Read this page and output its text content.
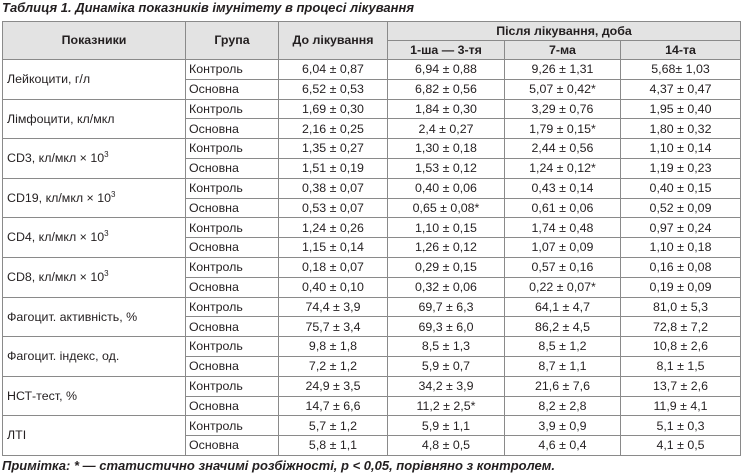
Таблиця 1. Динаміка показників імунітету в процесі лікування
Показники	Група	До лікування	Після лікування, доба		
			1-ша — 3-тя	7-ма	14-та
Лейкоцити, г/л	Контроль	6,04 ± 0,87	6,94 ± 0,88	9,26 ± 1,31	5,68± 1,03
	Основна	6,52 ± 0,53	6,82 ± 0,56	5,07 ± 0,42*	4,37 ± 0,47
Лімфоцити, кл/мкл	Контроль	1,69 ± 0,30	1,84 ± 0,30	3,29 ± 0,76	1,95 ± 0,40
	Основна	2,16 ± 0,25	2,4 ± 0,27	1,79 ± 0,15*	1,80 ± 0,32
CD3, $кл/мкл \times 10^3$	Контроль	1,35 ± 0,27	1,30 ± 0,18	2,44 ± 0,56	1,10 ± 0,14
	Основна	1,51 ± 0,19	1,53 ± 0,12	1,24 ± 0,12*	1,19 ± 0,23
CD19, $кл/мкл \times 10^3$	Контроль	0,38 ± 0,07	0,40 ± 0,06	0,43 ± 0,14	0,40 ± 0,15
	Основна	0,53 ± 0,07	0,65 ± 0,08*	0,61 ± 0,06	0,52 ± 0,09
CD4, $кл/мкл \times 10^3$	Контроль	1,24 ± 0,26	1,10 ± 0,15	1,74 ± 0,48	0,97 ± 0,24
	Основна	1,15 ± 0,14	1,26 ± 0,12	1,07 ± 0,09	1,10 ± 0,18
CD8, $кл/мкл \times 10^3$	Контроль	0,18 ± 0,07	0,29 ± 0,15	0,57 ± 0,16	0,16 ± 0,08
	Основна	0,40 ± 0,10	0,32 ± 0,06	0,22 ± 0,07*	0,19 ± 0,09
Фагоцит. активність, %	Контроль	74,4 ± 3,9	69,7 ± 6,3	64,1 ± 4,7	81,0 ± 5,3
	Основна	75,7 ± 3,4	69,3 ± 6,0	86,2 ± 4,5	72,8 ± 7,2
Фагоцит. індекс, од.	Контроль	9,8 ± 1,8	8,5 ± 1,3	8,5 ± 1,2	10,8 ± 2,6
	Основна	7,2 ± 1,2	5,9 ± 0,7	8,7 ± 1,1	8,1 ± 1,5
НСТ-тест, %	Контроль	24,9 ± 3,5	34,2 ± 3,9	21,6 ± 7,6	13,7 ± 2,6
	Основна	14,7 ± 6,6	11,2 ± 2,5*	8,2 ± 2,8	11,9 ± 4,1
ЛТІ	Контроль	5,7 ± 1,2	5,9 ± 1,1	3,9 ± 0,9	5,1 ± 0,3
	Основна	5,8 ± 1,1	4,8 ± 0,5	4,6 ± 0,4	4,1 ± 0,5
Примітка: * — статистично значимі розбіжності, p < 0,05, порівняно з контролем.
